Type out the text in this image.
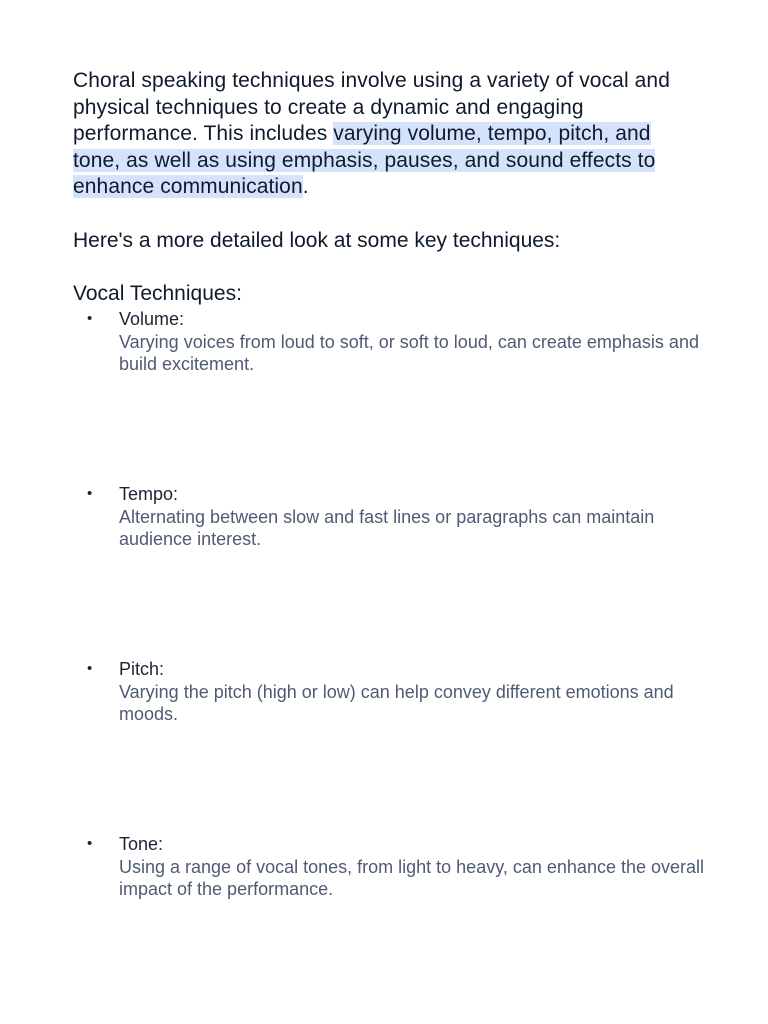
Choral speaking techniques involve using a variety of vocal and physical techniques to create a dynamic and engaging performance. This includes varying volume, tempo, pitch, and tone, as well as using emphasis, pauses, and sound effects to enhance communication.

Here's a more detailed look at some key techniques:

Vocal Techniques:

• Volume:
Varying voices from loud to soft, or soft to loud, can create emphasis and build excitement.
• Tempo:
Alternating between slow and fast lines or paragraphs can maintain audience interest.
• Pitch:
Varying the pitch (high or low) can help convey different emotions and moods.
• Tone:
Using a range of vocal tones, from light to heavy, can enhance the overall impact of the performance.
